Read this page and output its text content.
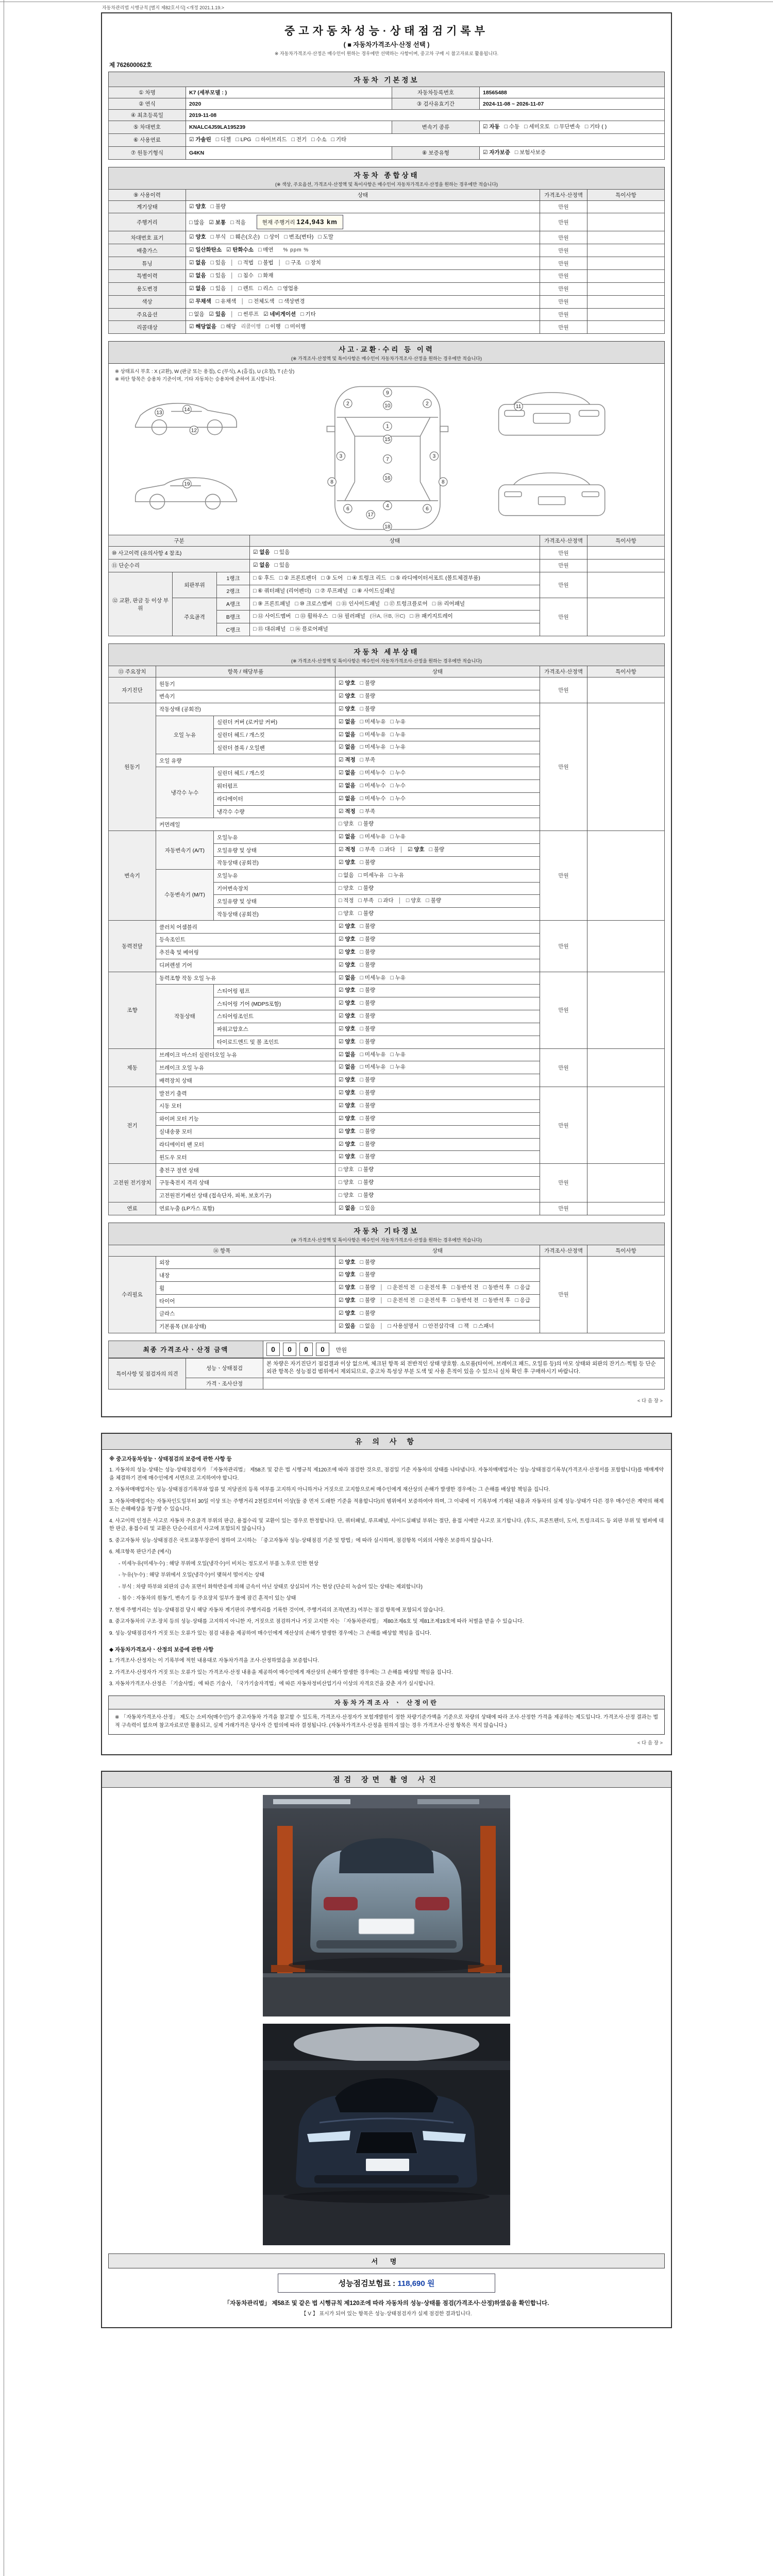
자동차관리법 시행규칙 [별지 제82호서식] <개정 2021.1.19.>
중고자동차성능·상태점검기록부
( ■ 자동차가격조사·산정 선택 )
※ 자동차가격조사·산정은 매수인이 원하는 경우에만 선택하는 사항이며, 중고차 구매 시 참고자료로 활용됩니다.
제 762600062호
자동차 기본정보
① 차명	K7 (세부모델 : )	자동차등록번호	18565488
② 연식	2020	③ 검사유효기간	2024-11-08 ~ 2026-11-07
④ 최초등록일	2019-11-08		
⑤ 차대번호	KNALC4J59LA195239	변속기 종류	☑ 자동 □ 수동 □ 세미오토 □ 무단변속 □ 기타 ( )
⑥ 사용연료	☑ 가솔린 □ 디젤 □ LPG □ 하이브리드 □ 전기 □ 수소 □ 기타		
⑦ 원동기형식	G4KN	⑧ 보증유형	☑ 자가보증 □ 보험사보증
자동차 종합상태
(※ 색상, 주요옵션, 가격조사·산정액 및 특이사항은 매수인이 자동차가격조사·산정을 원하는 경우에만 적습니다)
⑨ 사용이력	상태	가격조사·산정액	특이사항
계기상태	☑ 양호 □ 불량	만원	
주행거리	□ 많음 ☑ 보통 □ 적음 현재 주행거리 124,943 km	만원	
차대번호 표기	☑ 양호 □ 부식 □ 훼손(오손) □ 상이 □ 변조(변타) □ 도말	만원	
배출가스	☑ 일산화탄소 ☑ 탄화수소 □ 매연 % ppm %	만원	
튜닝	☑ 없음 □ 있음 │ □ 적법 □ 불법 │ □ 구조 □ 장치	만원	
특별이력	☑ 없음 □ 있음 │ □ 침수 □ 화재	만원	
용도변경	☑ 없음 □ 있음 │ □ 렌트 □ 리스 □ 영업용	만원	
색상	☑ 무채색 □ 유채색 │ □ 전체도색 □ 색상변경	만원	
주요옵션	□ 없음 ☑ 있음 │ □ 썬루프 ☑ 네비게이션 □ 기타	만원	
리콜대상	☑ 해당없음 □ 해당 리콜이행 □ 이행 □ 미이행	만원	
사고·교환·수리 등 이력
(※ 가격조사·산정액 및 특이사항은 매수인이 자동차가격조사·산정을 원하는 경우에만 적습니다)
※ 상태표시 부호 : X (교환), W (판금 또는 용접), C (부식), A (흠집), U (요철), T (손상)
※ 하단 항목은 승용차 기준이며, 기타 자동차는 승용차에 준하여 표시합니다.
9
10
1
15
7
16
4
17
18
2	2
3	3
6	6
8	8
14
13
12
19
11
구분			상태	가격조사·산정액	특이사항
⑩ 사고이력 (유의사항 4 참조)			☑ 없음 □ 있음	만원	
⑪ 단순수리			☑ 없음 □ 있음	만원	
⑫ 교환, 판금 등 이상 부위	외판부위	1랭크	□ ① 후드 □ ② 프론트펜더 □ ③ 도어 □ ④ 트렁크 리드 □ ⑤ 라디에이터서포트 (볼트체결부품)	만원	
		2랭크	□ ⑥ 쿼터패널 (리어펜더) □ ⑦ 루프패널 □ ⑧ 사이드실패널		
	주요골격	A랭크	□ ⑨ 프론트패널 □ ⑩ 크로스멤버 □ ⑪ 인사이드패널 □ ⑰ 트렁크플로어 □ ⑱ 리어패널	만원	
		B랭크	□ ⑫ 사이드멤버 □ ⑬ 휠하우스 □ ⑭ 필러패널 (⑭A, ⑭B, ⑭C) □ ⑲ 패키지트레이		
		C랭크	□ ⑮ 대쉬패널 □ ⑯ 플로어패널		
자동차 세부상태
(※ 가격조사·산정액 및 특이사항은 매수인이 자동차가격조사·산정을 원하는 경우에만 적습니다)
⑬ 주요장치	항목 / 해당부품		상태	가격조사·산정액	특이사항
자기진단	원동기		☑ 양호 □ 불량	만원	
	변속기		☑ 양호 □ 불량		
원동기	작동상태 (공회전)		☑ 양호 □ 불량	만원	
	오일 누유	실린더 커버 (로커암 커버)	☑ 없음 □ 미세누유 □ 누유		
		실린더 헤드 / 개스킷	☑ 없음 □ 미세누유 □ 누유		
		실린더 블록 / 오일팬	☑ 없음 □ 미세누유 □ 누유		
	오일 유량		☑ 적정 □ 부족		
	냉각수 누수	실린더 헤드 / 개스킷	☑ 없음 □ 미세누수 □ 누수		
		워터펌프	☑ 없음 □ 미세누수 □ 누수		
		라디에이터	☑ 없음 □ 미세누수 □ 누수		
		냉각수 수량	☑ 적정 □ 부족		
	커먼레일		□ 양호 □ 불량		
변속기	자동변속기 (A/T)	오일누유	☑ 없음 □ 미세누유 □ 누유	만원	
		오일유량 및 상태	☑ 적정 □ 부족 □ 과다 │ ☑ 양호 □ 불량		
		작동상태 (공회전)	☑ 양호 □ 불량		
	수동변속기 (M/T)	오일누유	□ 없음 □ 미세누유 □ 누유		
		기어변속장치	□ 양호 □ 불량		
		오일유량 및 상태	□ 적정 □ 부족 □ 과다 │ □ 양호 □ 불량		
		작동상태 (공회전)	□ 양호 □ 불량		
동력전달	클러치 어셈블리		☑ 양호 □ 불량	만원	
	등속조인트		☑ 양호 □ 불량		
	추진축 및 베어링		☑ 양호 □ 불량		
	디퍼렌셜 기어		☑ 양호 □ 불량		
조향	동력조향 작동 오일 누유		☑ 없음 □ 미세누유 □ 누유	만원	
	작동상태	스티어링 펌프	☑ 양호 □ 불량		
		스티어링 기어 (MDPS포함)	☑ 양호 □ 불량		
		스티어링조인트	☑ 양호 □ 불량		
		파워고압호스	☑ 양호 □ 불량		
		타이로드엔드 및 볼 조인트	☑ 양호 □ 불량		
제동	브레이크 마스터 실린더오일 누유		☑ 없음 □ 미세누유 □ 누유	만원	
	브레이크 오일 누유		☑ 없음 □ 미세누유 □ 누유		
	배력장치 상태		☑ 양호 □ 불량		
전기	발전기 출력		☑ 양호 □ 불량	만원	
	시동 모터		☑ 양호 □ 불량		
	와이퍼 모터 기능		☑ 양호 □ 불량		
	실내송풍 모터		☑ 양호 □ 불량		
	라디에이터 팬 모터		☑ 양호 □ 불량		
	윈도우 모터		☑ 양호 □ 불량		
고전원 전기장치	충전구 절연 상태		□ 양호 □ 불량	만원	
	구동축전지 격리 상태		□ 양호 □ 불량		
	고전원전기배선 상태 (접속단자, 피복, 보호기구)		□ 양호 □ 불량		
연료	연료누출 (LP가스 포함)		☑ 없음 □ 있음	만원	
자동차 기타정보
(※ 가격조사·산정액 및 특이사항은 매수인이 자동차가격조사·산정을 원하는 경우에만 적습니다)
⑭ 항목		상태	가격조사·산정액	특이사항
수리필요	외장	☑ 양호 □ 불량	만원	
	내장	☑ 양호 □ 불량		
	휠	☑ 양호 □ 불량 │ □ 운전석 전 □ 운전석 후 □ 동반석 전 □ 동반석 후 □ 응급		
	타이어	☑ 양호 □ 불량 │ □ 운전석 전 □ 운전석 후 □ 동반석 전 □ 동반석 후 □ 응급		
	글라스	☑ 양호 □ 불량		
	기본품목 (보유상태)	☑ 있음 □ 없음 │ □ 사용설명서 □ 안전삼각대 □ 잭 □ 스패너		
최종 가격조사ㆍ산정 금액	0 0 0 0 만원
특이사항 및 점검자의 의견	성능ㆍ상태점검	본 차량은 자기진단기 점검결과 이상 없으며, 체크된 항목 외 전반적인 상태 양호함. 소모품(타이어, 브레이크 패드, 오일류 등)의 마모 상태와 외판의 잔기스·찍힘 등 단순 외관 항목은 성능점검 범위에서 제외되므로, 중고차 특성상 부분 도색 및 사용 흔적이 있을 수 있으니 실차 확인 후 구매하시기 바랍니다.
	가격ㆍ조사산정	
< 다 음 장 >
유 의 사 항
※ 중고자동차성능ㆍ상태점검의 보증에 관한 사항 등
1. 자동차의 성능·상태는 성능·상태점검자가 「자동차관리법」 제58조 및 같은 법 시행규칙 제120조에 따라 점검한 것으로, 점검일 기준 자동차의 상태를 나타냅니다. 자동차매매업자는 성능·상태점검기록부(가격조사·산정서를 포함합니다)를 매매계약을 체결하기 전에 매수인에게 서면으로 고지하여야 합니다.
2. 자동차매매업자는 성능·상태점검기록부와 압류 및 저당권의 등록 여부를 고지하지 아니하거나 거짓으로 고지함으로써 매수인에게 재산상의 손해가 발생한 경우에는 그 손해를 배상할 책임을 집니다.
3. 자동차매매업자는 자동차인도일부터 30일 이상 또는 주행거리 2천킬로미터 이상(둘 중 먼저 도래한 기준을 적용합니다)의 범위에서 보증하여야 하며, 그 이내에 이 기록부에 기재된 내용과 자동차의 실제 성능·상태가 다른 경우 매수인은 계약의 해제 또는 손해배상을 청구할 수 있습니다.
4. 사고이력 인정은 사고로 자동차 주요골격 부위의 판금, 용접수리 및 교환이 있는 경우로 한정합니다. 단, 쿼터패널, 루프패널, 사이드실패널 부위는 절단, 용접 시에만 사고로 표기합니다. (후드, 프론트펜더, 도어, 트렁크리드 등 외판 부위 및 범퍼에 대한 판금, 용접수리 및 교환은 단순수리로서 사고에 포함되지 않습니다.)
5. 중고자동차 성능·상태점검은 국토교통부장관이 정하여 고시하는 「중고자동차 성능·상태점검 기준 및 방법」에 따라 실시하며, 점검항목 이외의 사항은 보증하지 않습니다.
6. 체크항목 판단기준 (예시)
- 미세누유(미세누수) : 해당 부위에 오일(냉각수)이 비치는 정도로서 부품 노후로 인한 현상
- 누유(누수) : 해당 부위에서 오일(냉각수)이 맺혀서 떨어지는 상태
- 부식 : 차량 하부와 외판의 금속 표면이 화학반응에 의해 금속이 아닌 상태로 상실되어 가는 현상 (단순히 녹슬어 있는 상태는 제외합니다)
- 침수 : 자동차의 원동기, 변속기 등 주요장치 일부가 물에 잠긴 흔적이 있는 상태
7. 현재 주행거리는 성능·상태점검 당시 해당 자동차 계기판의 주행거리를 기록한 것이며, 주행거리의 조작(변조) 여부는 점검 항목에 포함되지 않습니다.
8. 중고자동차의 구조·장치 등의 성능·상태를 고지하지 아니한 자, 거짓으로 점검하거나 거짓 고지한 자는 「자동차관리법」 제80조제6호 및 제81조제19호에 따라 처벌을 받을 수 있습니다.
9. 성능·상태점검자가 거짓 또는 오류가 있는 점검 내용을 제공하여 매수인에게 재산상의 손해가 발생한 경우에는 그 손해를 배상할 책임을 집니다.
◆ 자동차가격조사ㆍ산정의 보증에 관한 사항
1. 가격조사·산정자는 이 기록부에 적힌 내용대로 자동차가격을 조사·산정하였음을 보증합니다.
2. 가격조사·산정자가 거짓 또는 오류가 있는 가격조사·산정 내용을 제공하여 매수인에게 재산상의 손해가 발생한 경우에는 그 손해를 배상할 책임을 집니다.
3. 자동차가격조사·산정은 「기술사법」에 따른 기술사, 「국가기술자격법」에 따른 자동차정비산업기사 이상의 자격요건을 갖춘 자가 실시합니다.
자동차가격조사 ㆍ 산정이란
※ 「자동차가격조사·산정」 제도는 소비자(매수인)가 중고자동차 가격을 참고할 수 있도록, 가격조사·산정자가 보험개발원이 정한 차량기준가액을 기준으로 차량의 상태에 따라 조사·산정한 가격을 제공하는 제도입니다. 가격조사·산정 결과는 법적 구속력이 없으며 참고자료로만 활용되고, 실제 거래가격은 당사자 간 합의에 따라 결정됩니다. (자동차가격조사·산정을 원하지 않는 경우 가격조사·산정 항목은 적지 않습니다.)
< 다 음 장 >
점검 장면 촬영 사진
서 명
성능점검보험료 : 118,690 원
「자동차관리법」 제58조 및 같은 법 시행규칙 제120조에 따라 자동차의 성능·상태를 점검(가격조사·산정)하였음을 확인합니다.
【 V 】 표시가 되어 있는 항목은 성능·상태점검자가 실제 점검한 결과입니다.
